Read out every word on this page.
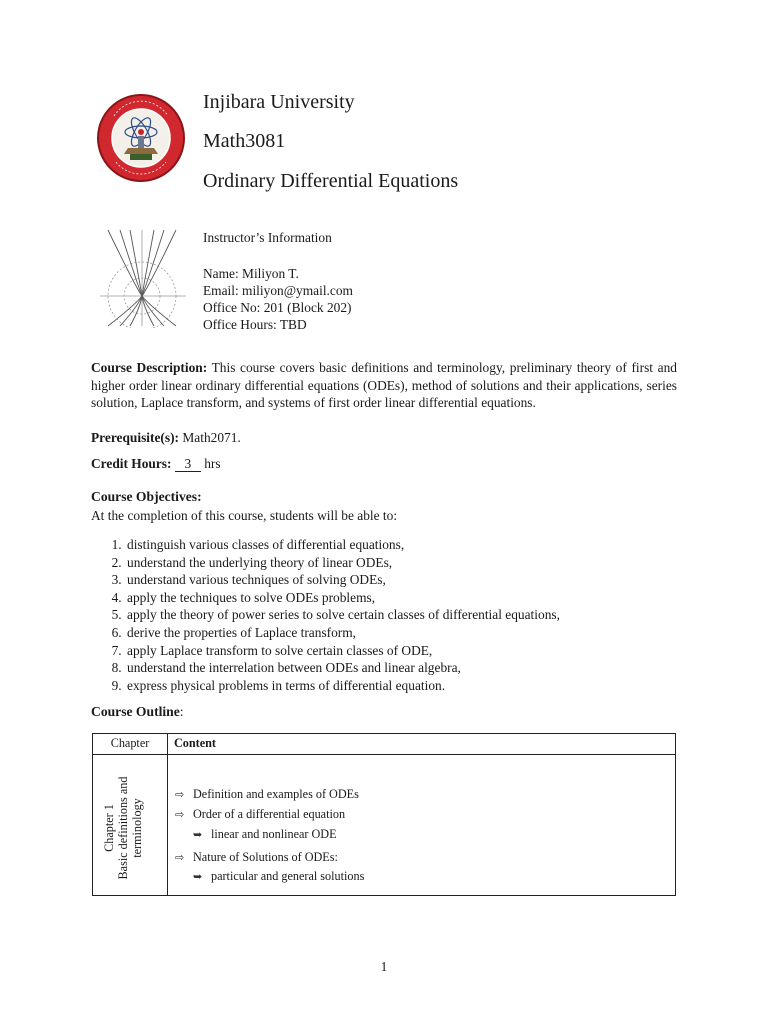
Injibara University
Math3081
Ordinary Differential Equations
Instructor’s Information
Name: Miliyon T.
Email: miliyon@ymail.com
Office No: 201 (Block 202)
Office Hours: TBD
Course Description: This course covers basic definitions and terminology, preliminary theory of first and higher order linear ordinary differential equations (ODEs), method of solutions and their applications, series solution, Laplace transform, and systems of first order linear differential equations.
Prerequisite(s): Math2071.
Credit Hours: 3 hrs
Course Objectives:
At the completion of this course, students will be able to:
1. distinguish various classes of differential equations,
2. understand the underlying theory of linear ODEs,
3. understand various techniques of solving ODEs,
4. apply the techniques to solve ODEs problems,
5. apply the theory of power series to solve certain classes of differential equations,
6. derive the properties of Laplace transform,
7. apply Laplace transform to solve certain classes of ODE,
8. understand the interrelation between ODEs and linear algebra,
9. express physical problems in terms of differential equation.
Course Outline:
Chapter	Content
Chapter 1 Basic definitions and terminology
⇨ Definition and examples of ODEs
⇨ Order of a differential equation
➥ linear and nonlinear ODE
⇨ Nature of Solutions of ODEs:
➥ particular and general solutions
1
